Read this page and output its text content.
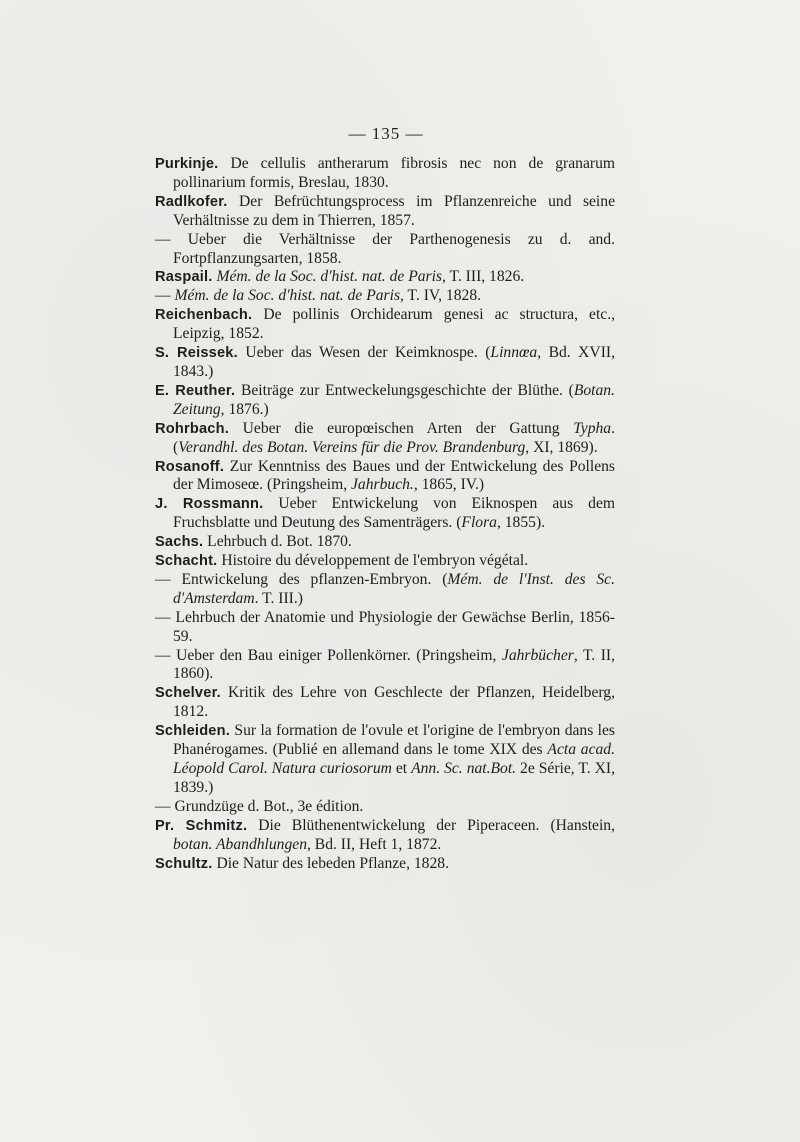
— 135 —
Purkinje. De cellulis antherarum fibrosis nec non de granarum pollinarium formis, Breslau, 1830.
Radlkofer. Der Befrüchtungsprocess im Pflanzenreiche und seine Verhältnisse zu dem in Thierren, 1857.
— Ueber die Verhältnisse der Parthenogenesis zu d. and. Fortpflanzungsarten, 1858.
Raspail. Mém. de la Soc. d'hist. nat. de Paris, T. III, 1826.
— Mém. de la Soc. d'hist. nat. de Paris, T. IV, 1828.
Reichenbach. De pollinis Orchidearum genesi ac structura, etc., Leipzig, 1852.
S. Reissek. Ueber das Wesen der Keimknospe. (Linnœa, Bd. XVII, 1843.)
E. Reuther. Beiträge zur Entweckelungsgeschichte der Blüthe. (Botan. Zeitung, 1876.)
Rohrbach. Ueber die europœischen Arten der Gattung Typha. (Verandhl. des Botan. Vereins für die Prov. Brandenburg, XI, 1869).
Rosanoff. Zur Kenntniss des Baues und der Entwickelung des Pollens der Mimoseœ. (Pringsheim, Jahrbuch., 1865, IV.)
J. Rossmann. Ueber Entwickelung von Eiknospen aus dem Fruchsblatte und Deutung des Samenträgers. (Flora, 1855).
Sachs. Lehrbuch d. Bot. 1870.
Schacht. Histoire du développement de l'embryon végétal.
— Entwickelung des pflanzen-Embryon. (Mém. de l'Inst. des Sc. d'Amsterdam. T. III.)
— Lehrbuch der Anatomie und Physiologie der Gewächse Berlin, 1856-59.
— Ueber den Bau einiger Pollenkörner. (Pringsheim, Jahrbücher, T. II, 1860).
Schelver. Kritik des Lehre von Geschlecte der Pflanzen, Heidelberg, 1812.
Schleiden. Sur la formation de l'ovule et l'origine de l'embryon dans les Phanérogames. (Publié en allemand dans le tome XIX des Acta acad. Léopold Carol. Natura curiosorum et Ann. Sc. nat.Bot. 2e Série, T. XI, 1839.)
— Grundzüge d. Bot., 3e édition.
Pr. Schmitz. Die Blüthenentwickelung der Piperaceen. (Hanstein, botan. Abandhlungen, Bd. II, Heft 1, 1872.
Schultz. Die Natur des lebeden Pflanze, 1828.
